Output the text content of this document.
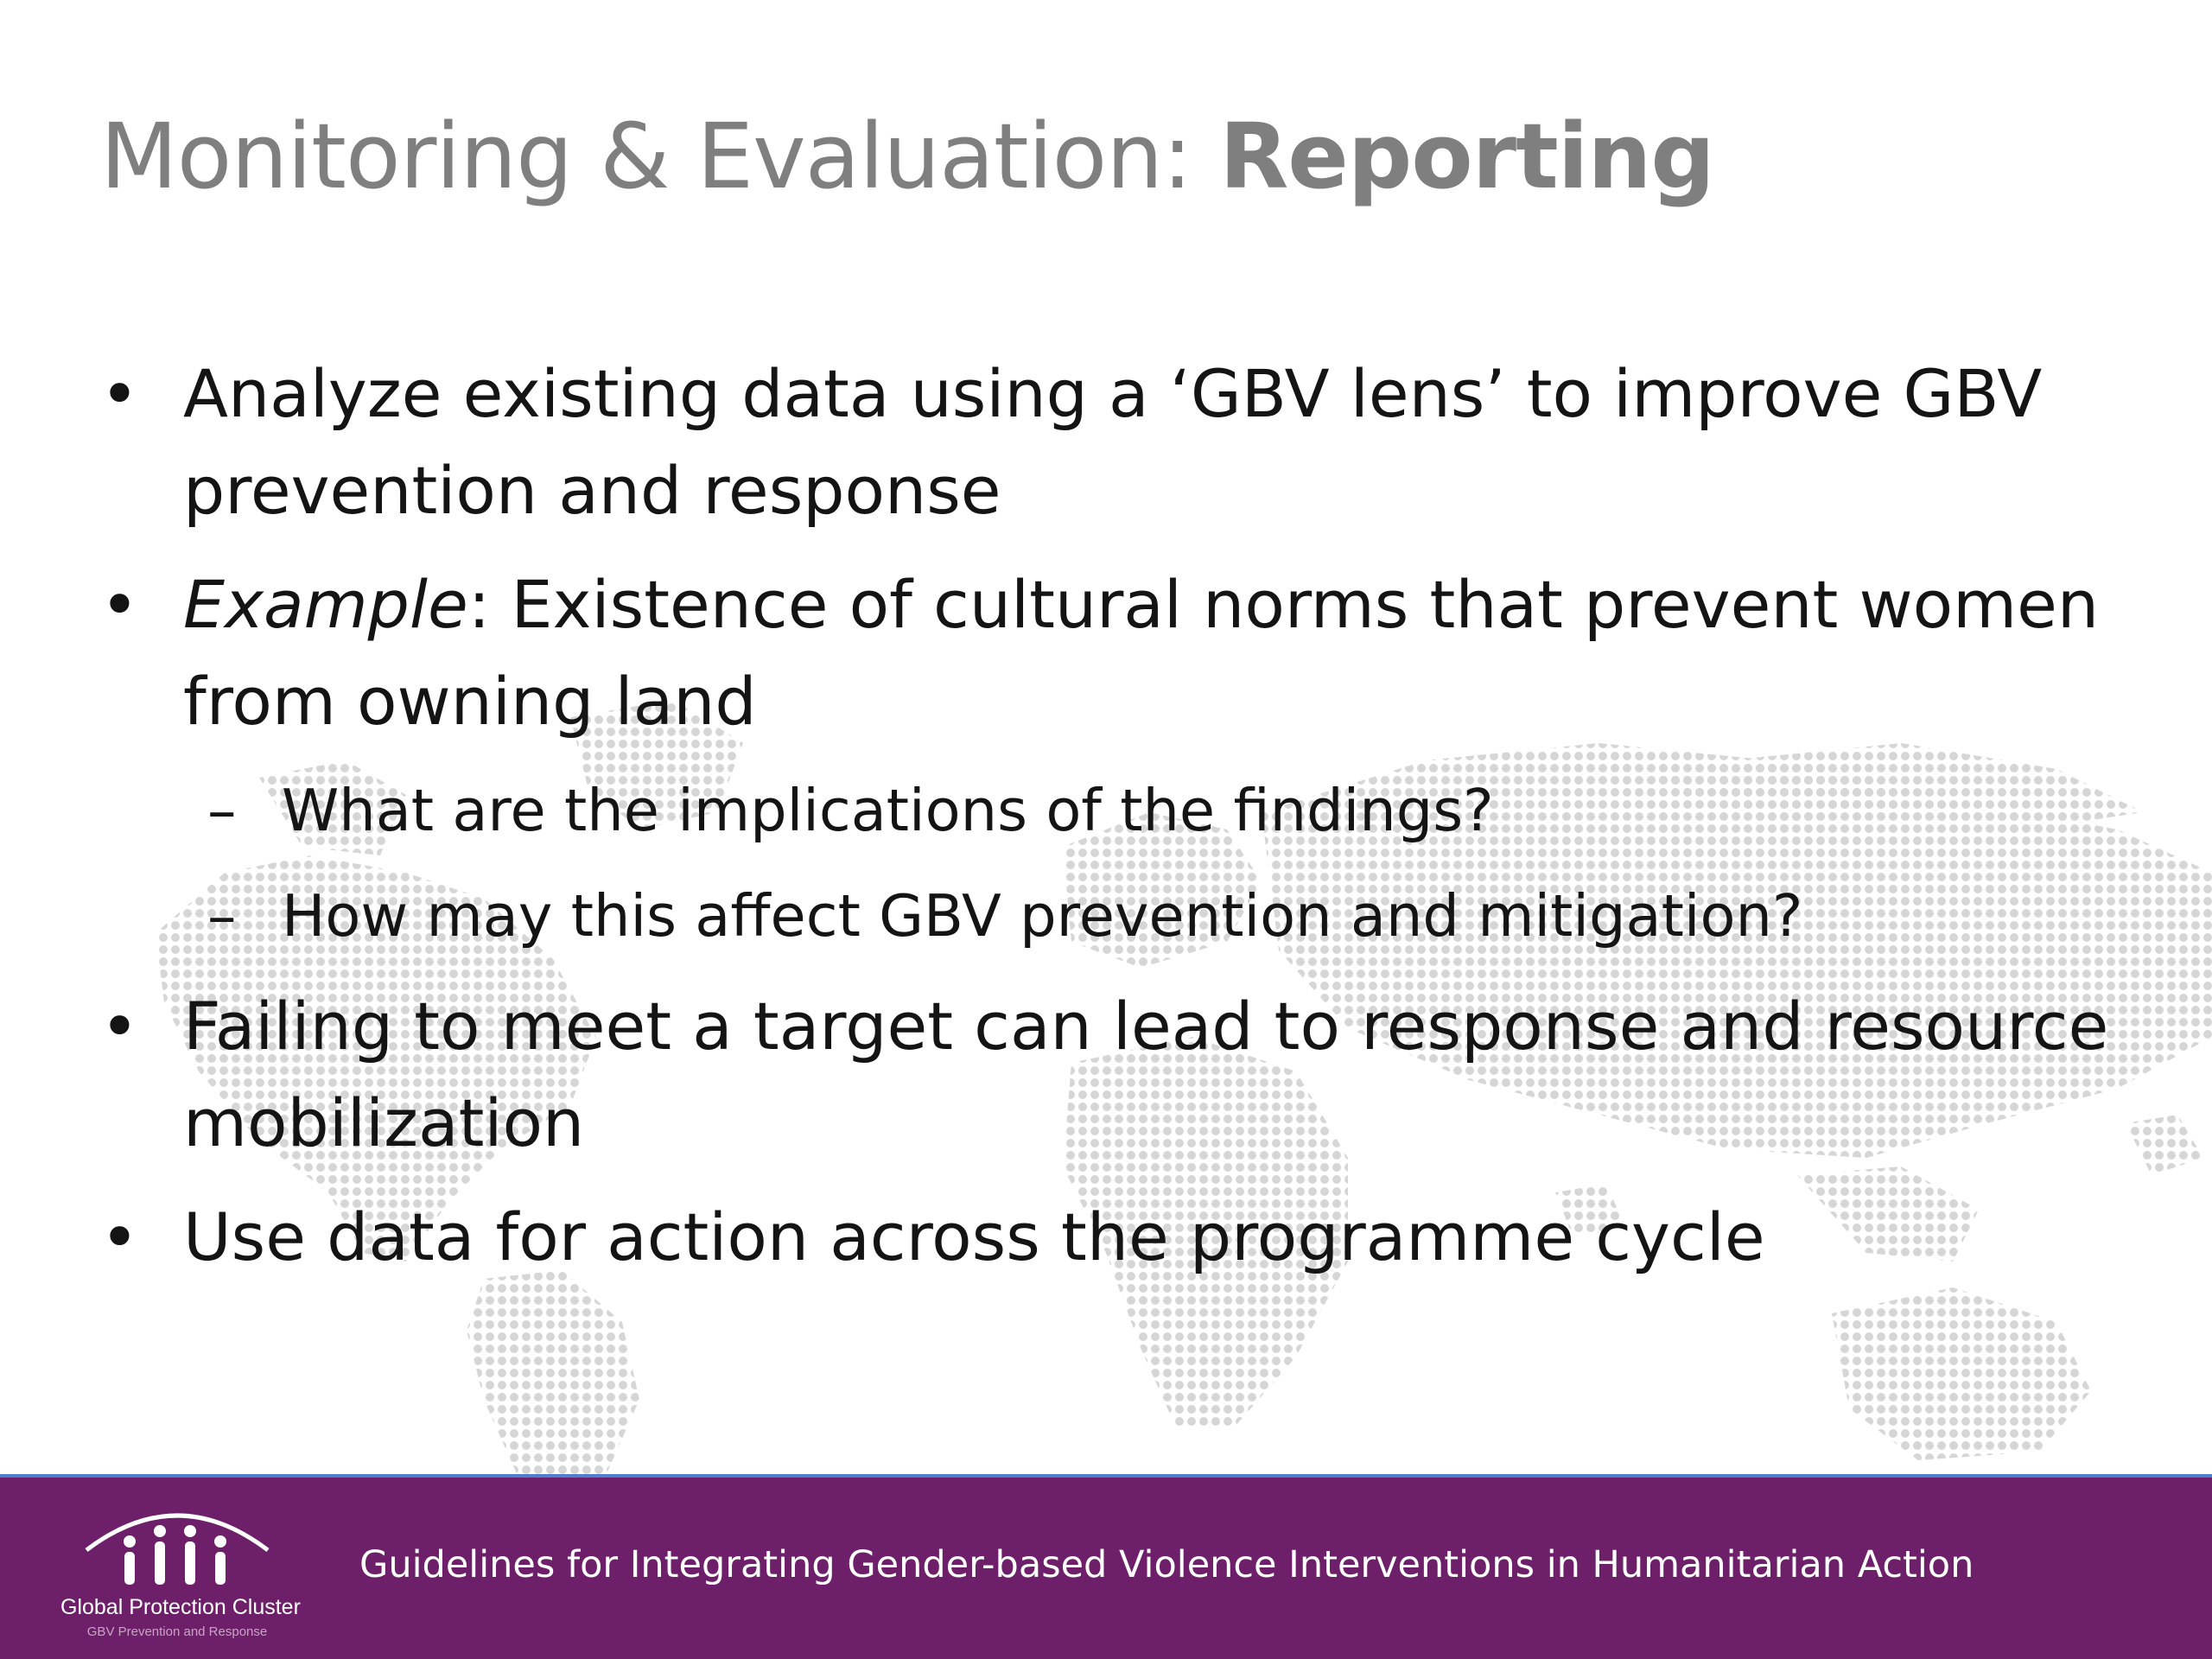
Monitoring & Evaluation: Reporting
• Analyze existing data using a ‘GBV lens’ to improve GBV prevention and response
• Example: Existence of cultural norms that prevent women from owning land
– What are the implications of the findings?
– How may this affect GBV prevention and mitigation?
• Failing to meet a target can lead to response and resource mobilization
• Use data for action across the programme cycle
Global Protection Cluster
GBV Prevention and Response
Guidelines for Integrating Gender-based Violence Interventions in Humanitarian Action
